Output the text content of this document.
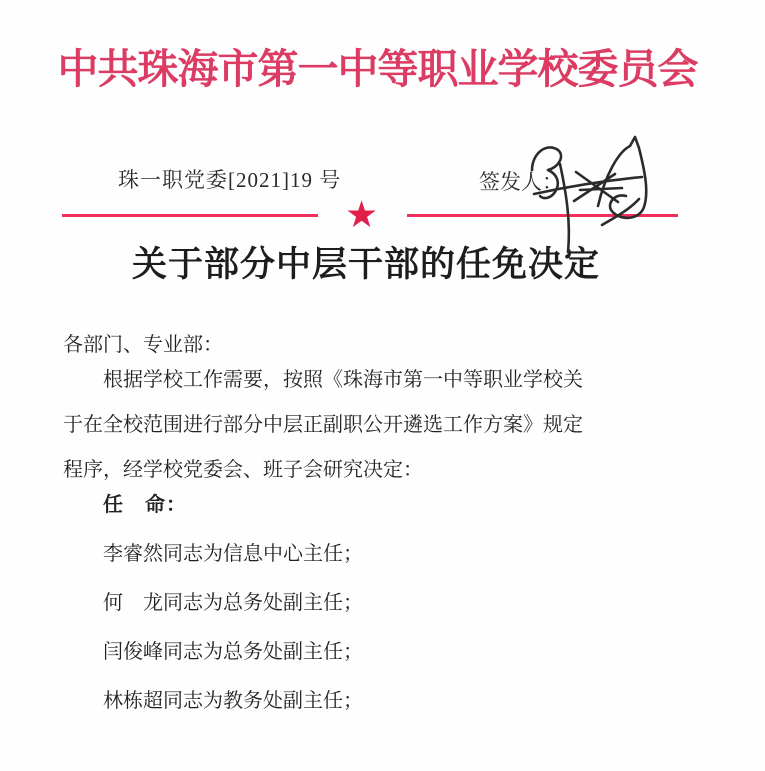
中共珠海市第一中等职业学校委员会
珠一职党委[2021]19 号	签发人：
★
关于部分中层干部的任免决定
各部门、专业部：
根据学校工作需要，按照《珠海市第一中等职业学校关
于在全校范围进行部分中层正副职公开遴选工作方案》规定
程序，经学校党委会、班子会研究决定：
任　命：
李睿然同志为信息中心主任；
何　龙同志为总务处副主任；
闫俊峰同志为总务处副主任；
林栋超同志为教务处副主任；
